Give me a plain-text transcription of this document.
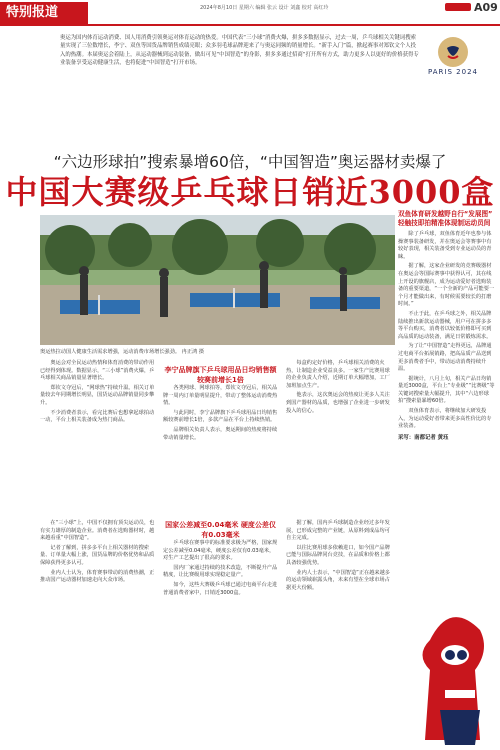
特别报道	2024年8月10日 星期六 编辑 张云 设计 刘鑫 校对 高红玲	A09
奥运为国内体育运动消费、国人用消费引领奥运对体育运动的热爱。中国代表“三小球”消费火爆，拼多多数据显示，过去一周，乒乓球相关关键词搜索量实现了三位数增长，李宁、双鱼等国货品牌销售成绩亮眼；众多羽毛球品牌迎来了与奥运同频的销量增长。“新手入门”篇，掀起赛事对郑钦文个人投入的热潮。本届奥运会着陆上，从运动器械到运动装备，做出可见“中国智造”的身影，拼多多通过招商“打开所有方式，助力更多人以更好的价格获得专业装备享受运动健康生活，也将促进“中国智造”打开市场。
PARIS 2024
“六边形球拍”搜索暴增60倍，“中国智造”奥运器材卖爆了
中国大赛级乒乓球日销近3000盒
奥运热拉动国人健康生活需求增强，运动消费市场增长强劲。 冉正鸿 摄
双鱼体育研发越野自行“发展图” 轻触技即拍精准体现制运动员间

除了乒乓球，双鱼体育近年也参与体操赛事装备研发，并在奥运会等赛事中有较好表现，相关装备受到专业运动员的青睐。

据了解，这家企业研发的竞赛级器材在奥运会等国际赛事中获得认可，其在线上开设的旗舰店，成为运动爱好者选购装备的重要渠道，“一个全新的产品可能要一个月才能做出来，有时候需要较长的打磨时间。”

不止于此，在乒乓球之外，相关品牌陆续推出新款运动器械，用户可在拼多多等平台购买，消费者以较低价格即可买到高品质的运动装备，满足日常锻炼需求。

为了让“中国智造”走得更远，品牌通过电商平台拓展销路，把高品质产品送到更多消费者手中，带动运动消费持续升温。

据统计，八月上旬，相关产品日均销量近3000盒，平台上“专业级”“比赛级”等关键词搜索量大幅提升，其中“六边形球拍”搜索量暴增60倍。

双鱼体育表示，将继续加大研发投入，为运动爱好者带来更多高性价比的专业装备。

采写：南都记者 黄珏

奥运会对全民运动热情和体育消费的带动作用已经得到体现。数据显示，“三小球”消费火爆，乒乓球相关商品销量显著增长。

郑钦文夺冠后，“网球热”持续升温。相关订单量较去年同期增长明显，国货运动品牌销量同步攀升。

不少消费者表示，看完比赛后也想拿起球拍动一动，平台上相关装备成为热门商品。

在“三小球”上，中国不仅拥有顶尖运动员，也有实力雄厚的制造企业。消费者在选购器材时，越来越看重“中国智造”。

记者了解到，拼多多平台上相关器材的搜索量、订单量大幅上涨，国货品牌的价格优势和品质保障获得更多认可。

业内人士认为，体育赛事带动的消费热潮，正推动国产运动器材加速走向大众市场。

李宁品牌旗下乒乓球用品日均销售额较赛前增长1倍

各类网球、网球拍等，郑钦文夺冠后，相关品牌一周内订单量明显提升，带动了整体运动消费热情。

与此同时，李宁品牌旗下乒乓球用品日均销售额较赛前增长1倍，多款产品在平台上持续热销。

品牌相关负责人表示，奥运期间的热度将持续带动销量增长。

国家公差减至0.04毫米 硬度公差仅有0.03毫米

乒乓球在赛事中的标准要求极为严格，国家规定公差减至0.04毫米，硬度公差仅有0.03毫米，对生产工艺提出了很高的要求。

国内厂家通过持续的技术改造，不断提升产品精度，让比赛级用球实现稳定量产。

如今，这些大赛级乒乓球已通过电商平台走进普通消费者家中，日销近3000盒。

每盒约定好价格，乒乓球相关消费的火热，让制造企业受益良多。一家生产比赛用球的企业负责人介绍，近期订单大幅增加，工厂加班加点生产。

他表示，这次奥运会的热度让更多人关注到国产器材的品质，也增强了企业进一步研发投入的信心。

据了解，国内乒乓球制造企业经过多年发展，已形成完整的产业链，从原料到成品均可自主完成。

以往比赛用球多依赖进口，如今国产品牌已能与国际品牌同台竞技，在品质和价格上都具备较强优势。

业内人士表示，“中国智造”正在越来越多的运动领域崭露头角，未来有望在全球市场占据更大份额。
